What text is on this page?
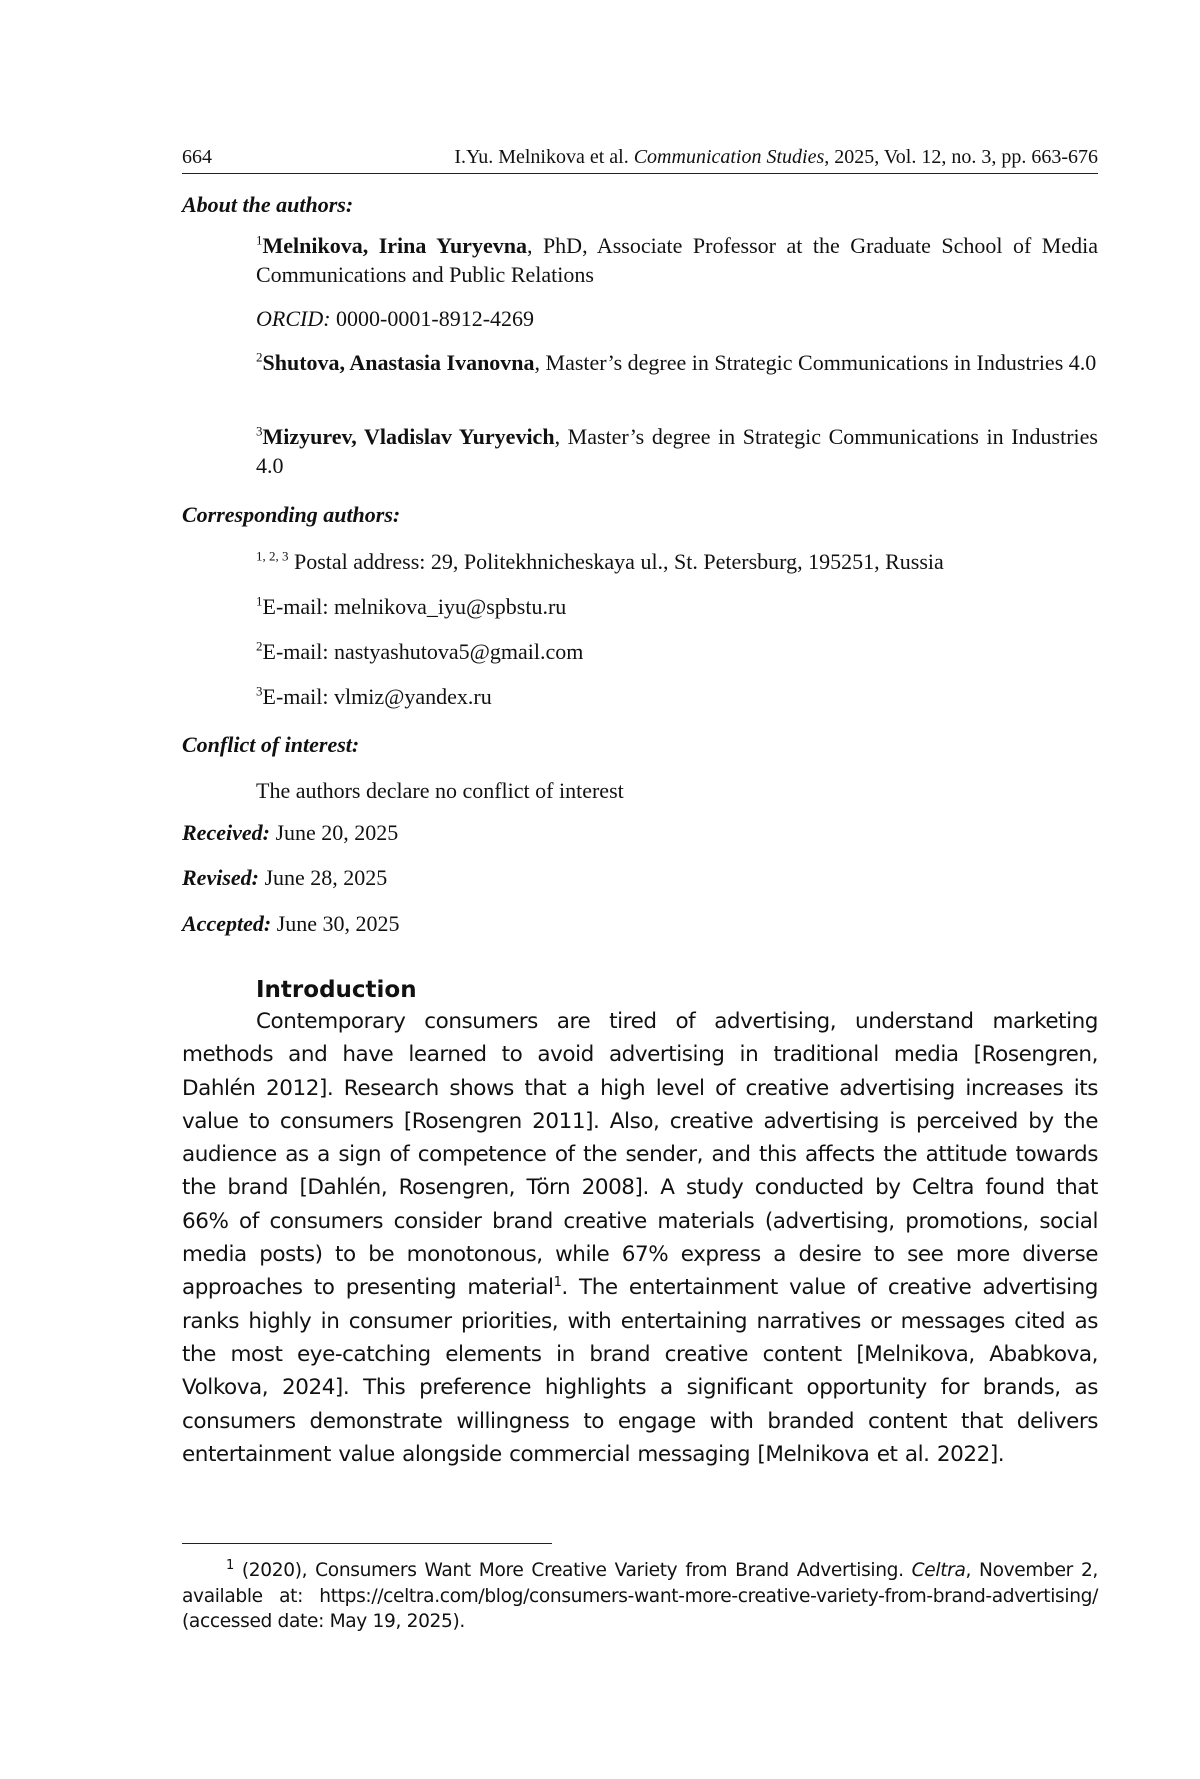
664	I.Yu. Melnikova et al. Communication Studies, 2025, Vol. 12, no. 3, pp. 663-676
About the authors:
$^1$Melnikova, Irina Yuryevna, PhD, Associate Professor at the Graduate School of Media Communications and Public Relations
ORCID: 0000-0001-8912-4269
$^2$Shutova, Anastasia Ivanovna, Master’s degree in Strategic Communications in Industries 4.0
$^3$Mizyurev, Vladislav Yuryevich, Master’s degree in Strategic Communications in Industries 4.0
Corresponding authors:
$^{1, 2, 3}$ Postal address: 29, Politekhnicheskaya ul., St. Petersburg, 195251, Russia
$^1$E-mail: melnikova_iyu@spbstu.ru
$^2$E-mail: nastyashutova5@gmail.com
$^3$E-mail: vlmiz@yandex.ru
Conflict of interest:
The authors declare no conflict of interest
Received: June 20, 2025
Revised: June 28, 2025
Accepted: June 30, 2025
Introduction
Contemporary consumers are tired of advertising, understand marketing methods and have learned to avoid advertising in traditional media [Rosengren, Dahlén 2012]. Research shows that a high level of creative advertising increases its value to consumers [Rosengren 2011]. Also, creative advertising is perceived by the audience as a sign of competence of the sender, and this affects the attitude towards the brand [Dahlén, Rosengren, Törn 2008]. A study conducted by Celtra found that 66% of consumers consider brand creative materials (advertising, promotions, social media posts) to be monotonous, while 67% express a desire to see more diverse approaches to presenting material$^1$. The entertainment value of creative advertising ranks highly in consumer priorities, with entertaining narratives or messages cited as the most eye-catching elements in brand creative content [Melnikova, Ababkova, Volkova, 2024]. This preference highlights a significant opportunity for brands, as consumers demonstrate willingness to engage with branded content that delivers entertainment value alongside commercial messaging [Melnikova et al. 2022].
$^1$ (2020), Consumers Want More Creative Variety from Brand Advertising. Celtra, November 2, available at: https://celtra.com/blog/consumers-want-more-creative-variety-from-brand-advertising/ (accessed date: May 19, 2025).
